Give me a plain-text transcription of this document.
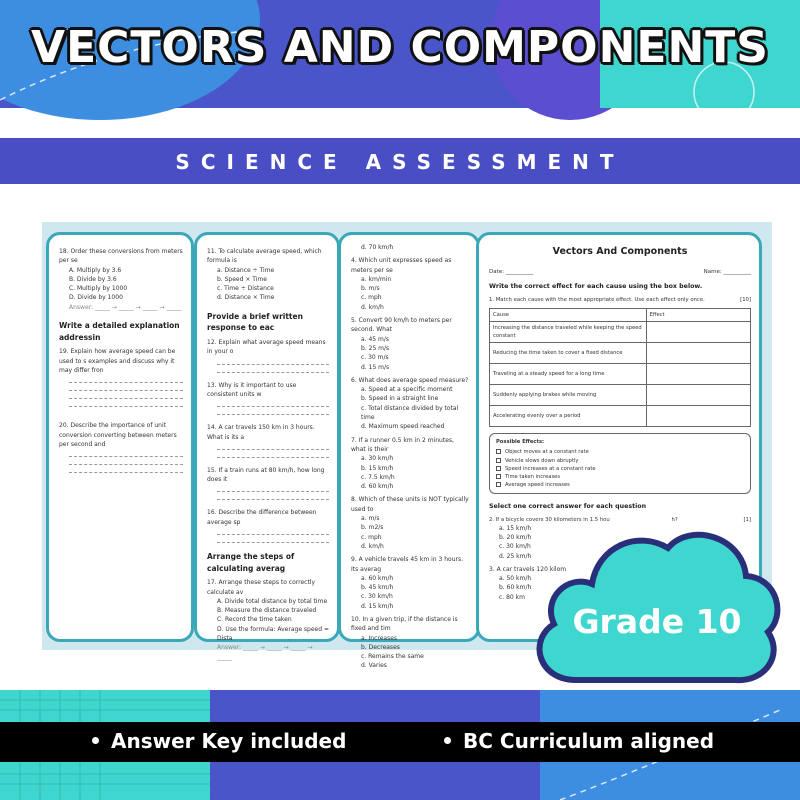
VECTORS AND COMPONENTS
SCIENCE ASSESSMENT
18. Order these conversions from meters per se
A. Multiply by 3.6
B. Divide by 3.6
C. Multiply by 1000
D. Divide by 1000
Answer: _____ → _____ → _____ → _____
Write a detailed explanation addressin
19. Explain how average speed can be used to s examples and discuss why it may differ fron
20. Describe the importance of unit conversion converting between meters per second and
11. To calculate average speed, which formula is
a. Distance ÷ Time
b. Speed × Time
c. Time ÷ Distance
d. Distance × Time
Provide a brief written response to eac
12. Explain what average speed means in your o
13. Why is it important to use consistent units w
14. A car travels 150 km in 3 hours. What is its a
15. If a train runs at 80 km/h, how long does it
16. Describe the difference between average sp
Arrange the steps of calculating averag
17. Arrange these steps to correctly calculate av
A. Divide total distance by total time
B. Measure the distance traveled
C. Record the time taken
D. Use the formula: Average speed = Dista
Answer: _____ → _____ → _____ → _____
d. 70 km/h
4. Which unit expresses speed as meters per se
a. km/min
b. m/s
c. mph
d. km/h
5. Convert 90 km/h to meters per second. What
a. 45 m/s
b. 25 m/s
c. 30 m/s
d. 15 m/s
6. What does average speed measure?
a. Speed at a specific moment
b. Speed in a straight line
c. Total distance divided by total time
d. Maximum speed reached
7. If a runner 0.5 km in 2 minutes, what is their
a. 30 km/h
b. 15 km/h
c. 7.5 km/h
d. 60 km/h
8. Which of these units is NOT typically used to
a. m/s
b. m2/s
c. mph
d. km/h
9. A vehicle travels 45 km in 3 hours. Its averag
a. 60 km/h
b. 45 km/h
c. 30 km/h
d. 15 km/h
10. In a given trip, if the distance is fixed and tim
a. Increases
b. Decreases
c. Remains the same
d. Varies
Vectors And Components
Date: __________	Name: __________
Write the correct effect for each cause using the box below.
1. Match each cause with the most appropriate effect. Use each effect only once.	[10]
Cause	Effect
Increasing the distance traveled while keeping the speed constant	
Reducing the time taken to cover a fixed distance	
Traveling at a steady speed for a long time	
Suddenly applying brakes while moving	
Accelerating evenly over a period	
Possible Effects:
Object moves at a constant rate
Vehicle slows down abruptly
Speed increases at a constant rate
Time taken increases
Average speed increases
Select one correct answer for each question
2. If a bicycle covers 30 kilometers in 1.5 hou	h?	[1]
a. 15 km/h
b. 20 km/h
c. 30 km/h
d. 25 km/h
3. A car travels 120 kilom
a. 50 km/h
b. 60 km/h
c. 80 km
Grade 10
Answer Key included	BC Curriculum aligned
